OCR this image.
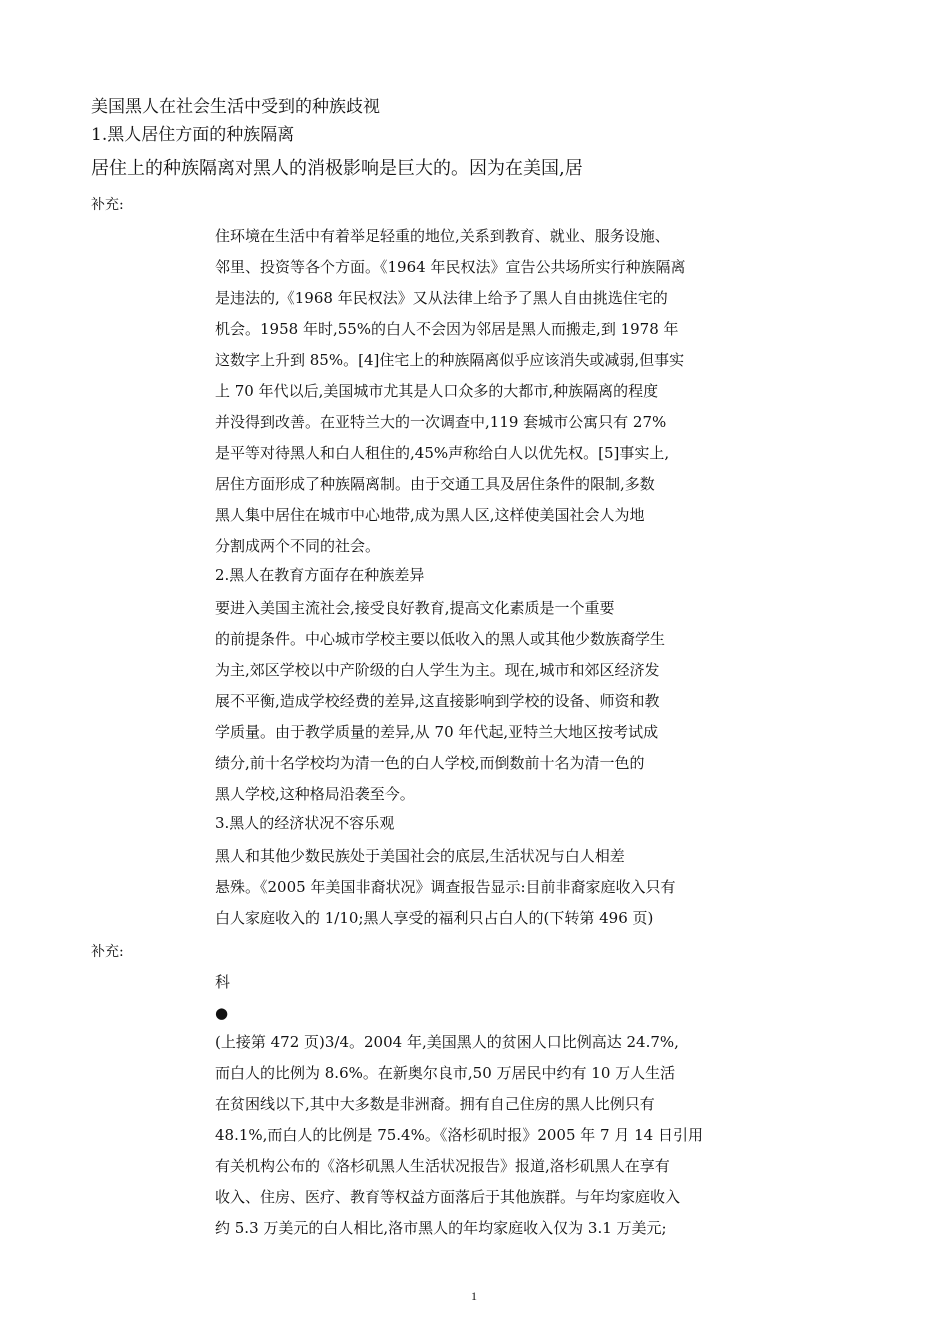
美国黑人在社会生活中受到的种族歧视
1.黑人居住方面的种族隔离
居住上的种族隔离对黑人的消极影响是巨大的。因为在美国,居
补充:
住环境在生活中有着举足轻重的地位,关系到教育、就业、服务设施、
邻里、投资等各个方面。《1964 年民权法》宣告公共场所实行种族隔离
是违法的,《1968 年民权法》又从法律上给予了黑人自由挑选住宅的
机会。1958 年时,55%的白人不会因为邻居是黑人而搬走,到 1978 年
这数字上升到 85%。[4]住宅上的种族隔离似乎应该消失或减弱,但事实
上 70 年代以后,美国城市尤其是人口众多的大都市,种族隔离的程度
并没得到改善。在亚特兰大的一次调查中,119 套城市公寓只有 27%
是平等对待黑人和白人租住的,45%声称给白人以优先权。[5]事实上,
居住方面形成了种族隔离制。由于交通工具及居住条件的限制,多数
黑人集中居住在城市中心地带,成为黑人区,这样使美国社会人为地
分割成两个不同的社会。
2.黑人在教育方面存在种族差异
要进入美国主流社会,接受良好教育,提高文化素质是一个重要
的前提条件。中心城市学校主要以低收入的黑人或其他少数族裔学生
为主,郊区学校以中产阶级的白人学生为主。现在,城市和郊区经济发
展不平衡,造成学校经费的差异,这直接影响到学校的设备、师资和教
学质量。由于教学质量的差异,从 70 年代起,亚特兰大地区按考试成
绩分,前十名学校均为清一色的白人学校,而倒数前十名为清一色的
黑人学校,这种格局沿袭至今。
3.黑人的经济状况不容乐观
黑人和其他少数民族处于美国社会的底层,生活状况与白人相差
悬殊。《2005 年美国非裔状况》调查报告显示:目前非裔家庭收入只有
白人家庭收入的 1/10;黑人享受的福利只占白人的(下转第 496 页)
补充:
科
●
(上接第 472 页)3/4。2004 年,美国黑人的贫困人口比例高达 24.7%,
而白人的比例为 8.6%。在新奥尔良市,50 万居民中约有 10 万人生活
在贫困线以下,其中大多数是非洲裔。拥有自己住房的黑人比例只有
48.1%,而白人的比例是 75.4%。《洛杉矶时报》2005 年 7 月 14 日引用
有关机构公布的《洛杉矶黑人生活状况报告》报道,洛杉矶黑人在享有
收入、住房、医疗、教育等权益方面落后于其他族群。与年均家庭收入
约 5.3 万美元的白人相比,洛市黑人的年均家庭收入仅为 3.1 万美元;
1
